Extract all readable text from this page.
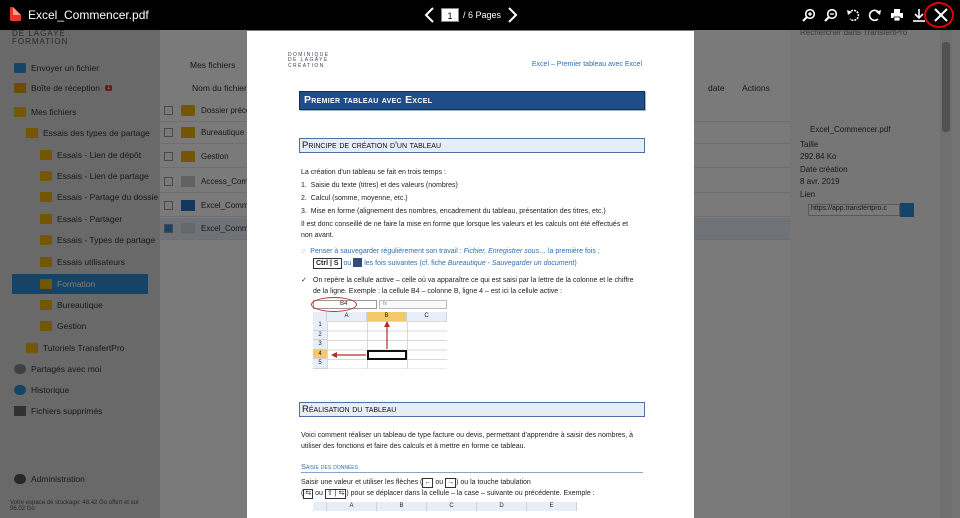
Excel_Commencer.pdf	1	/ 6 Pages
DOMINIQUE
DE LAGAYE
CRÉATION	Excel – Premier tableau avec Excel
Premier tableau avec Excel
Principe de création d'un tableau
La création d'un tableau se fait en trois temps :
1. Saisie du texte (titres) et des valeurs (nombres)
2. Calcul (somme, moyenne, etc.)
3. Mise en forme (alignement des nombres, encadrement du tableau, présentation des titres, etc.)
Il est donc conseillé de ne faire la mise en forme que lorsque les valeurs et les calculs ont été effectués et non avant.
☞ Penser à sauvegarder régulièrement son travail : Fichier, Enregistrer sous… la première fois ;
Ctrl | S ou  les fois suivantes (cf. fiche Bureautique - Sauvegarder un document)
✓ On repère la cellule active – celle où va apparaître ce qui est saisi par la lettre de la colonne et le chiffre de la ligne. Exemple : la cellule B4 – colonne B, ligne 4 – est ici la cellule active :
B4	fx
A	B	C
1
2
3
4
5
Réalisation du tableau
Voici comment réaliser un tableau de type facture ou devis, permettant d'apprendre à saisir des nombres, à utiliser des fonctions et faire des calculs et à mettre en forme ce tableau.
Saisie des données
Saisir une valeur et utiliser les flèches ( ← ou → ) ou la touche tabulation
( ⇆ ou ⇧ | ⇆ ) pour se déplacer dans la cellule – la case – suivante ou précédente. Exemple :
A	B	C	D	E
